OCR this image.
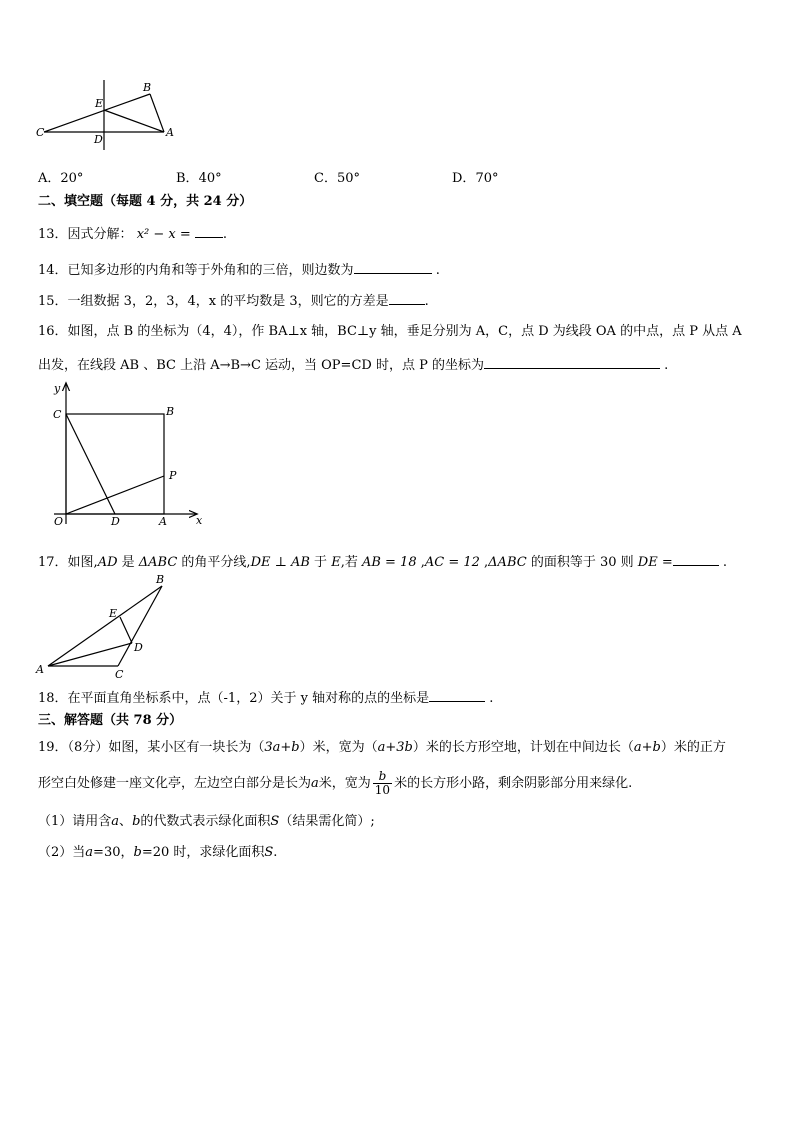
B
E
C
D
A
A．20°	B．40°	C．50°	D．70°
二、填空题（每题 4 分，共 24 分）
13．因式分解： x² − x = .
14．已知多边形的内角和等于外角和的三倍，则边数为	.
15．一组数据 3，2，3，4，x 的平均数是 3，则它的方差是	.
16．如图，点 B 的坐标为（4，4），作 BA⊥x 轴，BC⊥y 轴，垂足分别为 A，C，点 D 为线段 OA 的中点，点 P 从点 A
出发，在线段 AB 、BC 上沿 A→B→C 运动，当 OP=CD 时，点 P 的坐标为	.
y
x
C	B
P
O	D	A
17．如图,AD 是 ΔABC 的角平分线,DE ⊥ AB 于 E,若 AB = 18 ,AC = 12 ,ΔABC 的面积等于 30 则 DE =	.
B
E
D
A	C
18．在平面直角坐标系中，点（-1，2）关于 y 轴对称的点的坐标是	.
三、解答题（共 78 分）
19．（8分）如图，某小区有一块长为（3a+b）米，宽为（a+3b）米的长方形空地，计划在中间边长（a+b）米的正方
形空白处修建一座文化亭，左边空白部分是长为a米，宽为 $\frac{b}{10}$ 米的长方形小路，剩余阴影部分用来绿化.
（1）请用含a、b的代数式表示绿化面积S（结果需化简）;
（2）当a=30，b=20 时，求绿化面积S.
